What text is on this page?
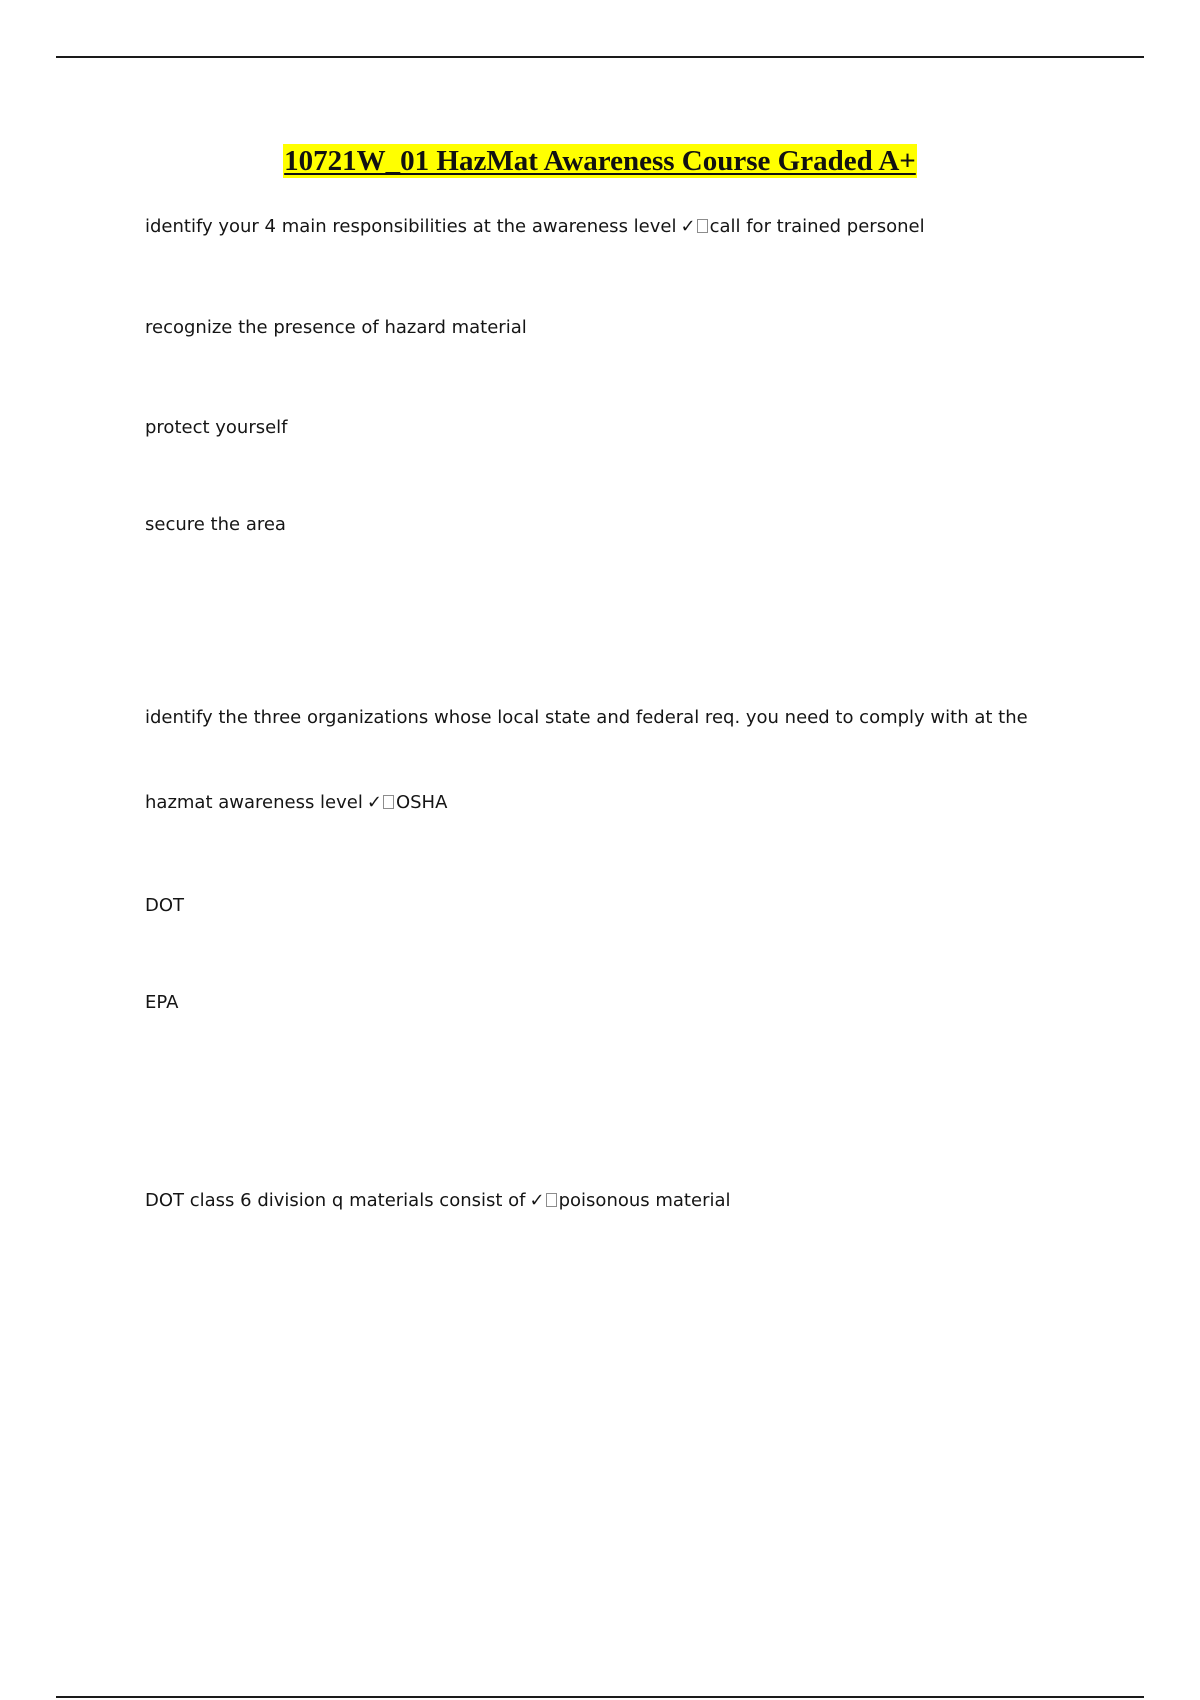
10721W_01 HazMat Awareness Course Graded A+
identify your 4 main responsibilities at the awareness level ✓ call for trained personel
recognize the presence of hazard material
protect yourself
secure the area
identify the three organizations whose local state and federal req. you need to comply with at the
hazmat awareness level ✓ OSHA
DOT
EPA
DOT class 6 division q materials consist of ✓ poisonous material
